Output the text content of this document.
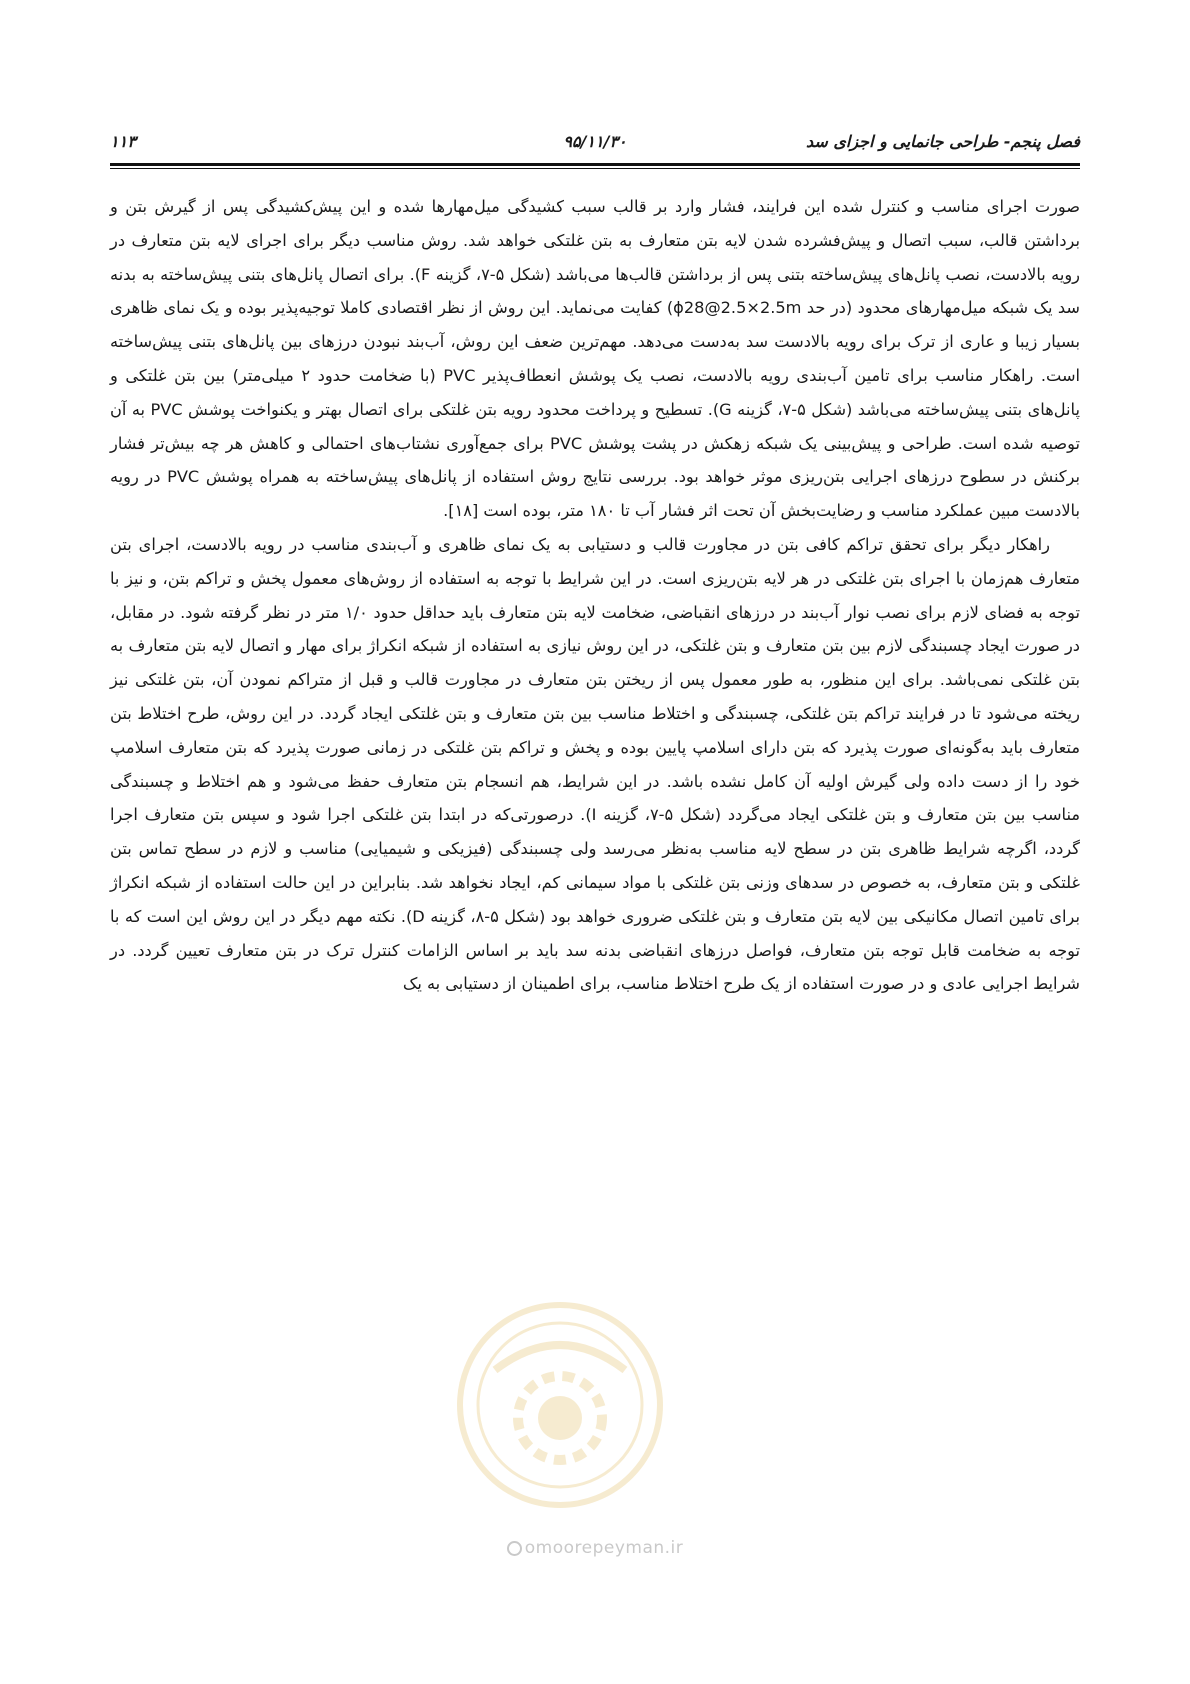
فصل پنجم- طراحی جانمایی و اجزای سد
۹۵/۱۱/۳۰
۱۱۳

صورت اجرای مناسب و کنترل شده این فرایند، فشار وارد بر قالب سبب کشیدگی میل‌مهارها شده و این پیش‌کشیدگی پس از گیرش بتن و برداشتن قالب، سبب اتصال و پیش‌فشرده شدن لایه بتن متعارف به بتن غلتکی خواهد شد. روش مناسب دیگر برای اجرای لایه بتن متعارف در رویه بالادست، نصب پانل‌های پیش‌ساخته بتنی پس از برداشتن قالب‌ها می‌باشد (شکل ۵-۷، گزینه F). برای اتصال پانل‌های بتنی پیش‌ساخته به بدنه سد یک شبکه میل‌مهارهای محدود (در حد ϕ28@2.5×2.5m) کفایت می‌نماید. این روش از نظر اقتصادی کاملا توجیه‌پذیر بوده و یک نمای ظاهری بسیار زیبا و عاری از ترک برای رویه بالادست سد به‌دست می‌دهد. مهم‌ترین ضعف این روش، آب‌بند نبودن درزهای بین پانل‌های بتنی پیش‌ساخته است. راهکار مناسب برای تامین آب‌بندی رویه بالادست، نصب یک پوشش انعطاف‌پذیر PVC (با ضخامت حدود ۲ میلی‌متر) بین بتن غلتکی و پانل‌های بتنی پیش‌ساخته می‌باشد (شکل ۵-۷، گزینه G). تسطیح و پرداخت محدود رویه بتن غلتکی برای اتصال بهتر و یکنواخت پوشش PVC به آن توصیه شده است. طراحی و پیش‌بینی یک شبکه زهکش در پشت پوشش PVC برای جمع‌آوری نشتاب‌های احتمالی و کاهش هر چه بیش‌تر فشار برکنش در سطوح درزهای اجرایی بتن‌ریزی موثر خواهد بود. بررسی نتایج روش استفاده از پانل‌های پیش‌ساخته به همراه پوشش PVC در رویه بالادست مبین عملکرد مناسب و رضایت‌بخش آن تحت اثر فشار آب تا ۱۸۰ متر، بوده است [۱۸].

راهکار دیگر برای تحقق تراکم کافی بتن در مجاورت قالب و دستیابی به یک نمای ظاهری و آب‌بندی مناسب در رویه بالادست، اجرای بتن متعارف هم‌زمان با اجرای بتن غلتکی در هر لایه بتن‌ریزی است. در این شرایط با توجه به استفاده از روش‌های معمول پخش و تراکم بتن، و نیز با توجه به فضای لازم برای نصب نوار آب‌بند در درزهای انقباضی، ضخامت لایه بتن متعارف باید حداقل حدود ۱/۰ متر در نظر گرفته شود. در مقابل، در صورت ایجاد چسبندگی لازم بین بتن متعارف و بتن غلتکی، در این روش نیازی به استفاده از شبکه انکراژ برای مهار و اتصال لایه بتن متعارف به بتن غلتکی نمی‌باشد. برای این منظور، به طور معمول پس از ریختن بتن متعارف در مجاورت قالب و قبل از متراکم نمودن آن، بتن غلتکی نیز ریخته می‌شود تا در فرایند تراکم بتن غلتکی، چسبندگی و اختلاط مناسب بین بتن متعارف و بتن غلتکی ایجاد گردد. در این روش، طرح اختلاط بتن متعارف باید به‌گونه‌ای صورت پذیرد که بتن دارای اسلامپ پایین بوده و پخش و تراکم بتن غلتکی در زمانی صورت پذیرد که بتن متعارف اسلامپ خود را از دست داده ولی گیرش اولیه آن کامل نشده باشد. در این شرایط، هم انسجام بتن متعارف حفظ می‌شود و هم اختلاط و چسبندگی مناسب بین بتن متعارف و بتن غلتکی ایجاد می‌گردد (شکل ۵-۷، گزینه I). درصورتی‌که در ابتدا بتن غلتکی اجرا شود و سپس بتن متعارف اجرا گردد، اگرچه شرایط ظاهری بتن در سطح لایه مناسب به‌نظر می‌رسد ولی چسبندگی (فیزیکی و شیمیایی) مناسب و لازم در سطح تماس بتن غلتکی و بتن متعارف، به خصوص در سدهای وزنی بتن غلتکی با مواد سیمانی کم، ایجاد نخواهد شد. بنابراین در این حالت استفاده از شبکه انکراژ برای تامین اتصال مکانیکی بین لایه بتن متعارف و بتن غلتکی ضروری خواهد بود (شکل ۵-۸، گزینه D). نکته مهم دیگر در این روش این است که با توجه به ضخامت قابل توجه بتن متعارف، فواصل درزهای انقباضی بدنه سد باید بر اساس الزامات کنترل ترک در بتن متعارف تعیین گردد. در شرایط اجرایی عادی و در صورت استفاده از یک طرح اختلاط مناسب، برای اطمینان از دستیابی به یک

omoorepeyman.ir
